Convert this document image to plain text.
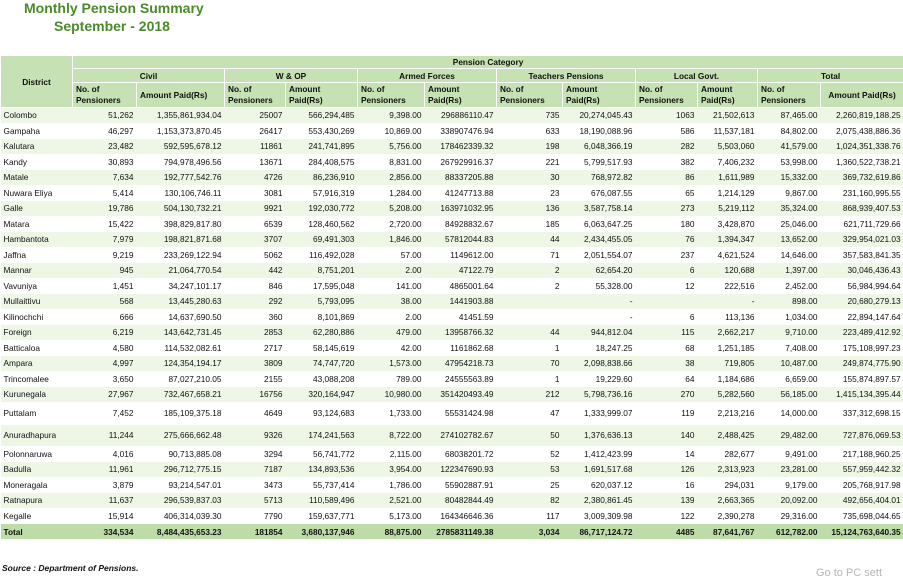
Monthly Pension Summary
September - 2018
District	Pension Category											
	Civil		W & OP		Armed Forces		Teachers Pensions		Local Govt.		Total	
	No. of Pensioners	Amount Paid(Rs)	No. of Pensioners	Amount Paid(Rs)	No. of Pensioners	Amount Paid(Rs)	No. of Pensioners	Amount Paid(Rs)	No. of Pensioners	Amount Paid(Rs)	No. of Pensioners	Amount Paid(Rs)
Colombo	51,262	1,355,861,934.04	25007	566,294,485	9,398.00	296886110.47	735	20,274,045.43	1063	21,502,613	87,465.00	2,260,819,188.25
Gampaha	46,297	1,153,373,870.45	26417	553,430,269	10,869.00	338907476.94	633	18,190,088.96	586	11,537,181	84,802.00	2,075,438,886.36
Kalutara	23,482	592,595,678.12	11861	241,741,895	5,756.00	178462339.32	198	6,048,366.19	282	5,503,060	41,579.00	1,024,351,338.76
Kandy	30,893	794,978,496.56	13671	284,408,575	8,831.00	267929916.37	221	5,799,517.93	382	7,406,232	53,998.00	1,360,522,738.21
Matale	7,634	192,777,542.76	4726	86,236,910	2,856.00	88337205.88	30	768,972.82	86	1,611,989	15,332.00	369,732,619.86
Nuwara Eliya	5,414	130,106,746.11	3081	57,916,319	1,284.00	41247713.88	23	676,087.55	65	1,214,129	9,867.00	231,160,995.55
Galle	19,786	504,130,732.21	9921	192,030,772	5,208.00	163971032.95	136	3,587,758.14	273	5,219,112	35,324.00	868,939,407.53
Matara	15,422	398,829,817.80	6539	128,460,562	2,720.00	84928832.67	185	6,063,647.25	180	3,428,870	25,046.00	621,711,729.66
Hambantota	7,979	198,821,871.68	3707	69,491,303	1,846.00	57812044.83	44	2,434,455.05	76	1,394,347	13,652.00	329,954,021.03
Jaffna	9,219	233,269,122.94	5062	116,492,028	57.00	1149612.00	71	2,051,554.07	237	4,621,524	14,646.00	357,583,841.35
Mannar	945	21,064,770.54	442	8,751,201	2.00	47122.79	2	62,654.20	6	120,688	1,397.00	30,046,436.43
Vavuniya	1,451	34,247,101.17	846	17,595,048	141.00	4865001.64	2	55,328.00	12	222,516	2,452.00	56,984,994.64
Mullaittivu	568	13,445,280.63	292	5,793,095	38.00	1441903.88		-		-	898.00	20,680,279.13
Kilinochchi	666	14,637,690.50	360	8,101,869	2.00	41451.59		-	6	113,136	1,034.00	22,894,147.64
Foreign	6,219	143,642,731.45	2853	62,280,886	479.00	13958766.32	44	944,812.04	115	2,662,217	9,710.00	223,489,412.92
Batticaloa	4,580	114,532,082.61	2717	58,145,619	42.00	1161862.68	1	18,247.25	68	1,251,185	7,408.00	175,108,997.23
Ampara	4,997	124,354,194.17	3809	74,747,720	1,573.00	47954218.73	70	2,098,838.66	38	719,805	10,487.00	249,874,775.90
Trincomalee	3,650	87,027,210.05	2155	43,088,208	789.00	24555563.89	1	19,229.60	64	1,184,686	6,659.00	155,874,897.57
Kurunegala	27,967	732,467,658.21	16756	320,164,947	10,980.00	351420493.49	212	5,798,736.16	270	5,282,560	56,185.00	1,415,134,395.44
Puttalam	7,452	185,109,375.18	4649	93,124,683	1,733.00	55531424.98	47	1,333,999.07	119	2,213,216	14,000.00	337,312,698.15
Anuradhapura	11,244	275,666,662.48	9326	174,241,563	8,722.00	274102782.67	50	1,376,636.13	140	2,488,425	29,482.00	727,876,069.53
Polonnaruwa	4,016	90,713,885.08	3294	56,741,772	2,115.00	68038201.72	52	1,412,423.99	14	282,677	9,491.00	217,188,960.25
Badulla	11,961	296,712,775.15	7187	134,893,536	3,954.00	122347690.93	53	1,691,517.68	126	2,313,923	23,281.00	557,959,442.32
Moneragala	3,879	93,214,547.01	3473	55,737,414	1,786.00	55902887.91	25	620,037.12	16	294,031	9,179.00	205,768,917.98
Ratnapura	11,637	296,539,837.03	5713	110,589,496	2,521.00	80482844.49	82	2,380,861.45	139	2,663,365	20,092.00	492,656,404.01
Kegalle	15,914	406,314,039.30	7790	159,637,771	5,173.00	164346646.36	117	3,009,309.98	122	2,390,278	29,316.00	735,698,044.65
Total	334,534	8,484,435,653.23	181854	3,680,137,946	88,875.00	2785831149.38	3,034	86,717,124.72	4485	87,641,767	612,782.00	15,124,763,640.35
Source : Department of Pensions.	Go to PC sett
